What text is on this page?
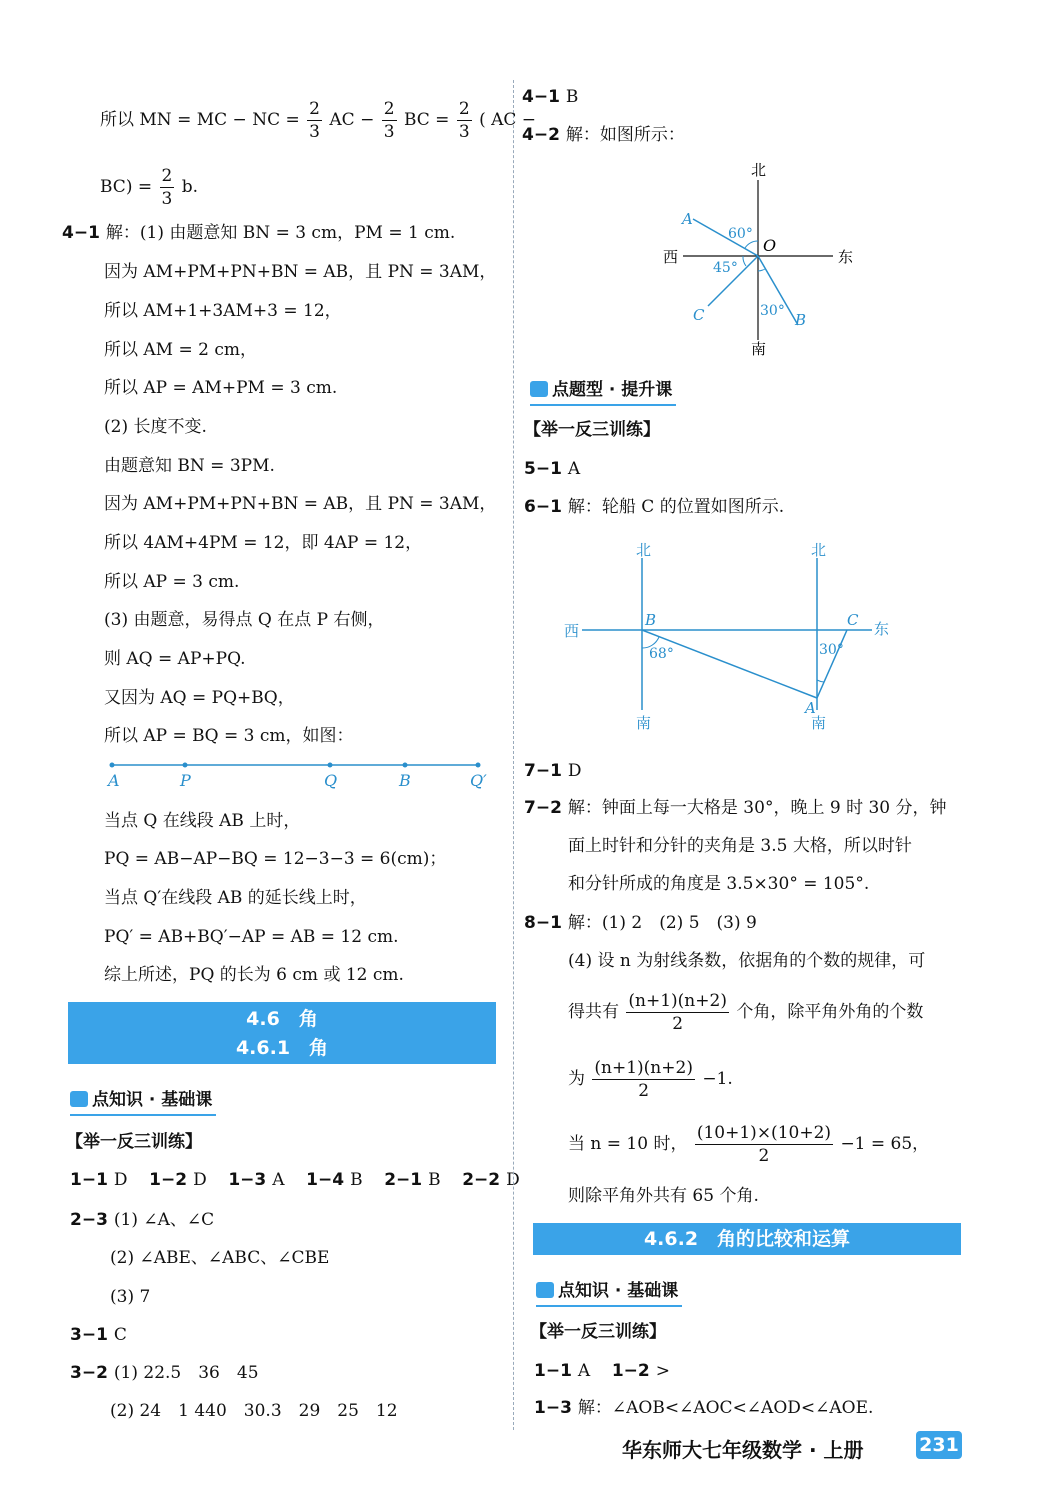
所以 MN = MC − NC = $\frac{2}{3}$ AC − $\frac{2}{3}$ BC = $\frac{2}{3}$ ( AC −
$BC) = \frac{2}{3} b$.
4−1 解：(1) 由题意知 BN = 3 cm，PM = 1 cm.
因为 AM+PM+PN+BN = AB，且 PN = 3AM，
所以 AM+1+3AM+3 = 12，
所以 AM = 2 cm，
所以 AP = AM+PM = 3 cm.
(2) 长度不变.
由题意知 BN = 3PM.
因为 AM+PM+PN+BN = AB，且 PN = 3AM，
所以 4AM+4PM = 12，即 4AP = 12，
所以 AP = 3 cm.
(3) 由题意，易得点 Q 在点 P 右侧，
则 AQ = AP+PQ.
又因为 AQ = PQ+BQ，
所以 AP = BQ = 3 cm，如图：
A	P	Q	B	Q′
当点 Q 在线段 AB 上时，
PQ = AB−AP−BQ = 12−3−3 = 6(cm)；
当点 Q′在线段 AB 的延长线上时，
PQ′ = AB+BQ′−AP = AB = 12 cm.
综上所述，PQ 的长为 6 cm 或 12 cm.
4.6　角
4.6.1　角
点知识 · 基础课
【举一反三训练】
1−1 D 1−2 D 1−3 A 1−4 B 2−1 B 2−2 D
2−3 (1) ∠A、∠C
(2) ∠ABE、∠ABC、∠CBE
(3) 7
3−1 C
3−2 (1) 22.5　36　45
(2) 24　1 440　30.3　29　25　12
4−1 B
4−2 解：如图所示：
北
南
东
西
O
A
C	B
60°
45°
30°
点题型 · 提升课
【举一反三训练】
5−1 A
6−1 解：轮船 C 的位置如图所示.
北	北
南	南
西	东
B	C
A
68°	30°
7−1 D
7−2 解：钟面上每一大格是 30°，晚上 9 时 30 分，钟
面上时针和分针的夹角是 3.5 大格，所以时针
和分针所成的角度是 3.5×30° = 105°.
8−1 解：(1) 2　(2) 5　(3) 9
(4) 设 n 为射线条数，依据角的个数的规律，可
得共有 $\frac{(n+1)(n+2)}{2}$ 个角，除平角外角的个数
为 $\frac{(n+1)(n+2)}{2} -1$.
当 n = 10 时， $\frac{(10+1)\times(10+2)}{2} -1 = 65$，
则除平角外共有 65 个角.
4.6.2　角的比较和运算
点知识 · 基础课
【举一反三训练】
1−1 A 1−2 >
1−3 解：∠AOB<∠AOC<∠AOD<∠AOE.
华东师大七年级数学 · 上册	231
